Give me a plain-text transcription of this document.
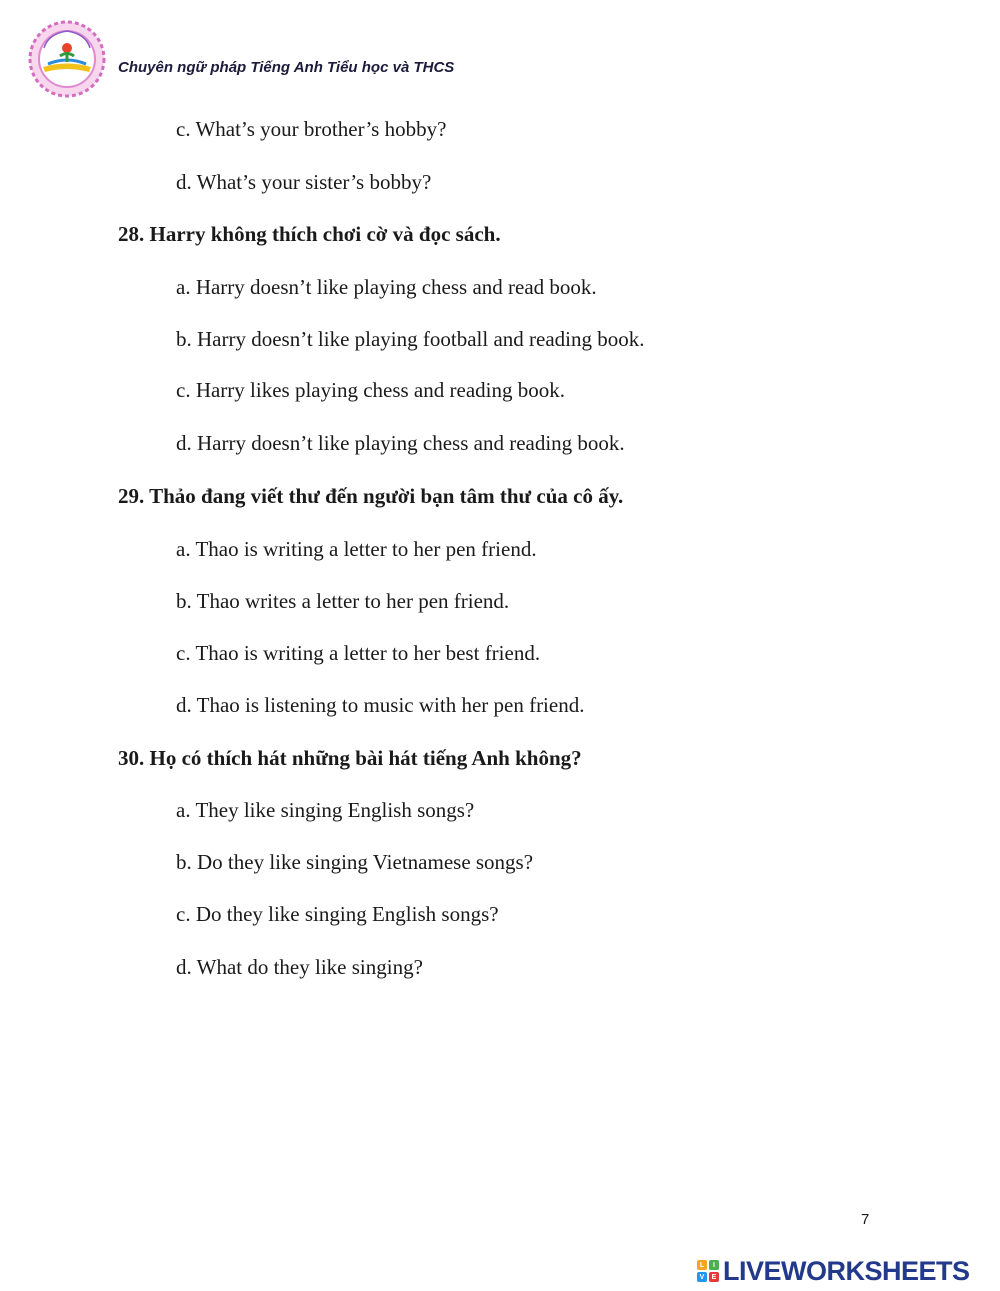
Chuyên ngữ pháp Tiếng Anh Tiểu học và THCS
c. What’s your brother’s hobby?
d. What’s your sister’s bobby?
28. Harry không thích chơi cờ và đọc sách.
a. Harry doesn’t like playing chess and read book.
b. Harry doesn’t like playing football and reading book.
c. Harry likes playing chess and reading book.
d. Harry doesn’t like playing chess and reading book.
29. Thảo đang viết thư đến người bạn tâm thư của cô ấy.
a. Thao is writing a letter to her pen friend.
b. Thao writes a letter to her pen friend.
c. Thao is writing a letter to her best friend.
d. Thao is listening to music with her pen friend.
30. Họ có thích hát những bài hát tiếng Anh không?
a. They like singing English songs?
b. Do they like singing Vietnamese songs?
c. Do they like singing English songs?
d. What do they like singing?
7
L	I
V	E LIVEWORKSHEETS
